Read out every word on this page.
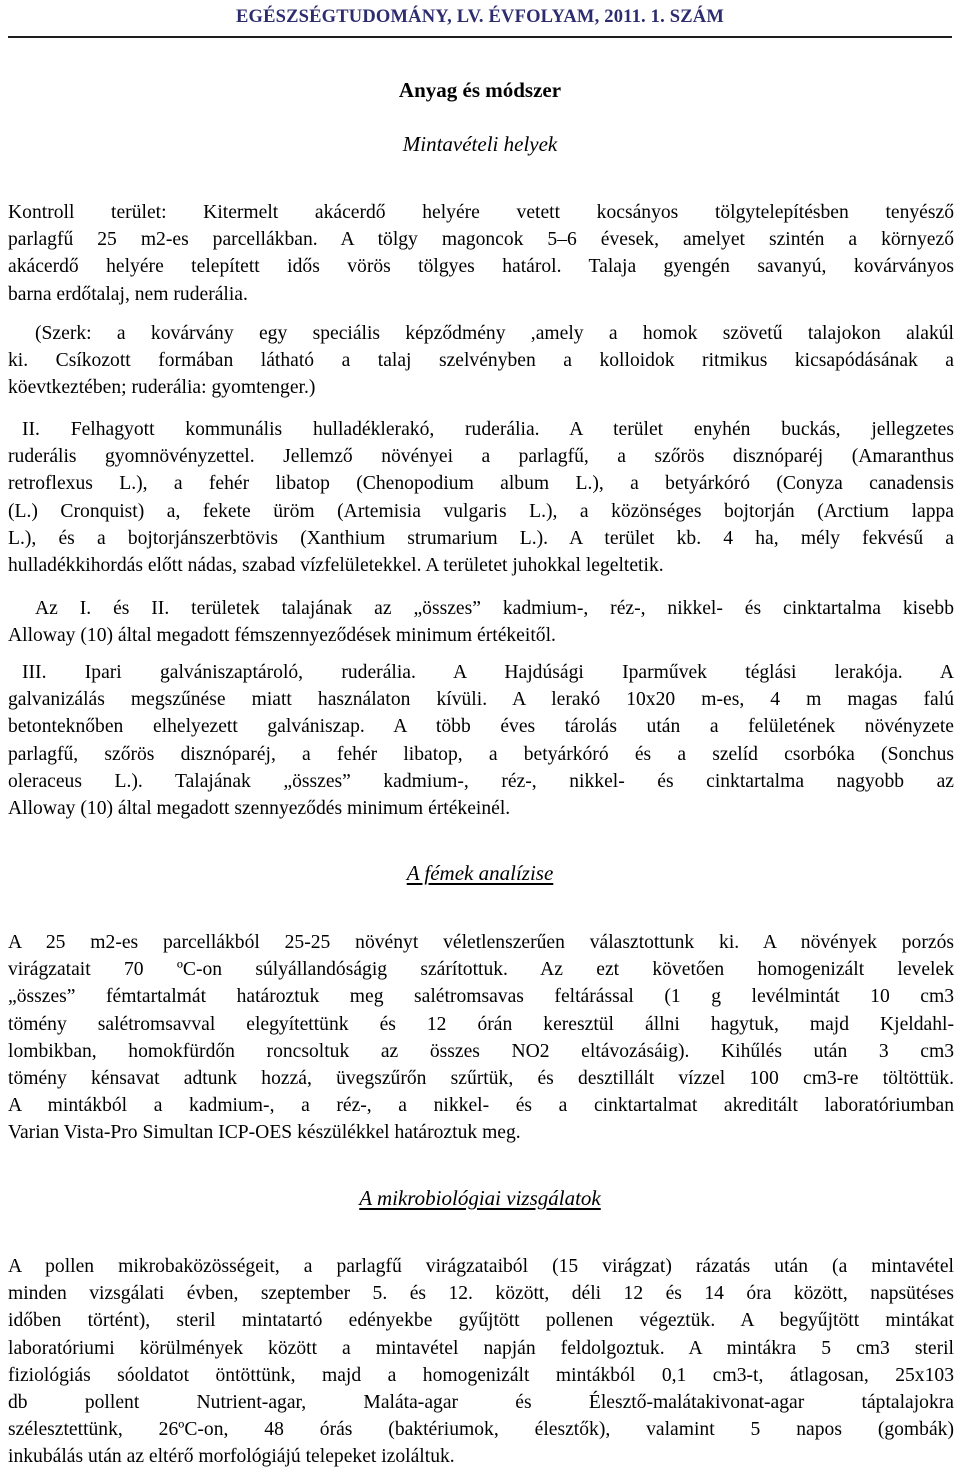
EGÉSZSÉGTUDOMÁNY, LV. ÉVFOLYAM, 2011. 1. SZÁM
Anyag és módszer
Mintavételi helyek
Kontroll terület: Kitermelt akácerdő helyére vetett kocsányos tölgytelepítésben tenyésző
parlagfű 25 m2-es parcellákban. A tölgy magoncok 5–6 évesek, amelyet szintén a környező
akácerdő helyére telepített idős vörös tölgyes határol. Talaja gyengén savanyú, kovárványos
barna erdőtalaj, nem ruderália.
(Szerk: a kovárvány egy speciális képződmény ,amely a homok szövetű talajokon alakúl
ki. Csíkozott formában látható a talaj szelvényben a kolloidok ritmikus kicsapódásának a
köevtkeztében; ruderália: gyomtenger.)
II. Felhagyott kommunális hulladéklerakó, ruderália. A terület enyhén buckás, jellegzetes
ruderális gyomnövényzettel. Jellemző növényei a parlagfű, a szőrös disznóparéj (Amaranthus
retroflexus L.), a fehér libatop (Chenopodium album L.), a betyárkóró (Conyza canadensis
(L.) Cronquist) a, fekete üröm (Artemisia vulgaris L.), a közönséges bojtorján (Arctium lappa
L.), és a bojtorjánszerbtövis (Xanthium strumarium L.). A terület kb. 4 ha, mély fekvésű a
hulladékkihordás előtt nádas, szabad vízfelületekkel. A területet juhokkal legeltetik.
Az I. és II. területek talajának az „összes” kadmium-, réz-, nikkel- és cinktartalma kisebb
Alloway (10) által megadott fémszennyeződések minimum értékeitől.
III. Ipari galvániszaptároló, ruderália. A Hajdúsági Iparművek téglási lerakója. A
galvanizálás megszűnése miatt használaton kívüli. A lerakó 10x20 m-es, 4 m magas falú
betonteknőben elhelyezett galvániszap. A több éves tárolás után a felületének növényzete
parlagfű, szőrös disznóparéj, a fehér libatop, a betyárkóró és a szelíd csorbóka (Sonchus
oleraceus L.). Talajának „összes” kadmium-, réz-, nikkel- és cinktartalma nagyobb az
Alloway (10) által megadott szennyeződés minimum értékeinél.
A fémek analízise
A 25 m2-es parcellákból 25-25 növényt véletlenszerűen választottunk ki. A növények porzós
virágzatait 70 ºC-on súlyállandóságig szárítottuk. Az ezt követően homogenizált levelek
„összes” fémtartalmát határoztuk meg salétromsavas feltárással (1 g levélmintát 10 cm3
tömény salétromsavval elegyítettünk és 12 órán keresztül állni hagytuk, majd Kjeldahl-
lombikban, homokfürdőn roncsoltuk az összes NO2 eltávozásáig). Kihűlés után 3 cm3
tömény kénsavat adtunk hozzá, üvegszűrőn szűrtük, és desztillált vízzel 100 cm3-re töltöttük.
A mintákból a kadmium-, a réz-, a nikkel- és a cinktartalmat akreditált laboratóriumban
Varian Vista-Pro Simultan ICP-OES készülékkel határoztuk meg.
A mikrobiológiai vizsgálatok
A pollen mikrobaközösségeit, a parlagfű virágzataiból (15 virágzat) rázatás után (a mintavétel
minden vizsgálati évben, szeptember 5. és 12. között, déli 12 és 14 óra között, napsütéses
időben történt), steril mintatartó edényekbe gyűjtött pollenen végeztük. A begyűjtött mintákat
laboratóriumi körülmények között a mintavétel napján feldolgoztuk. A mintákra 5 cm3 steril
fiziológiás sóoldatot öntöttünk, majd a homogenizált mintákból 0,1 cm3-t, átlagosan, 25x103
db pollent Nutrient-agar, Maláta-agar és Élesztő-malátakivonat-agar táptalajokra
szélesztettünk, 26ºC-on, 48 órás (baktériumok, élesztők), valamint 5 napos (gombák)
inkubálás után az eltérő morfológiájú telepeket izoláltuk.
